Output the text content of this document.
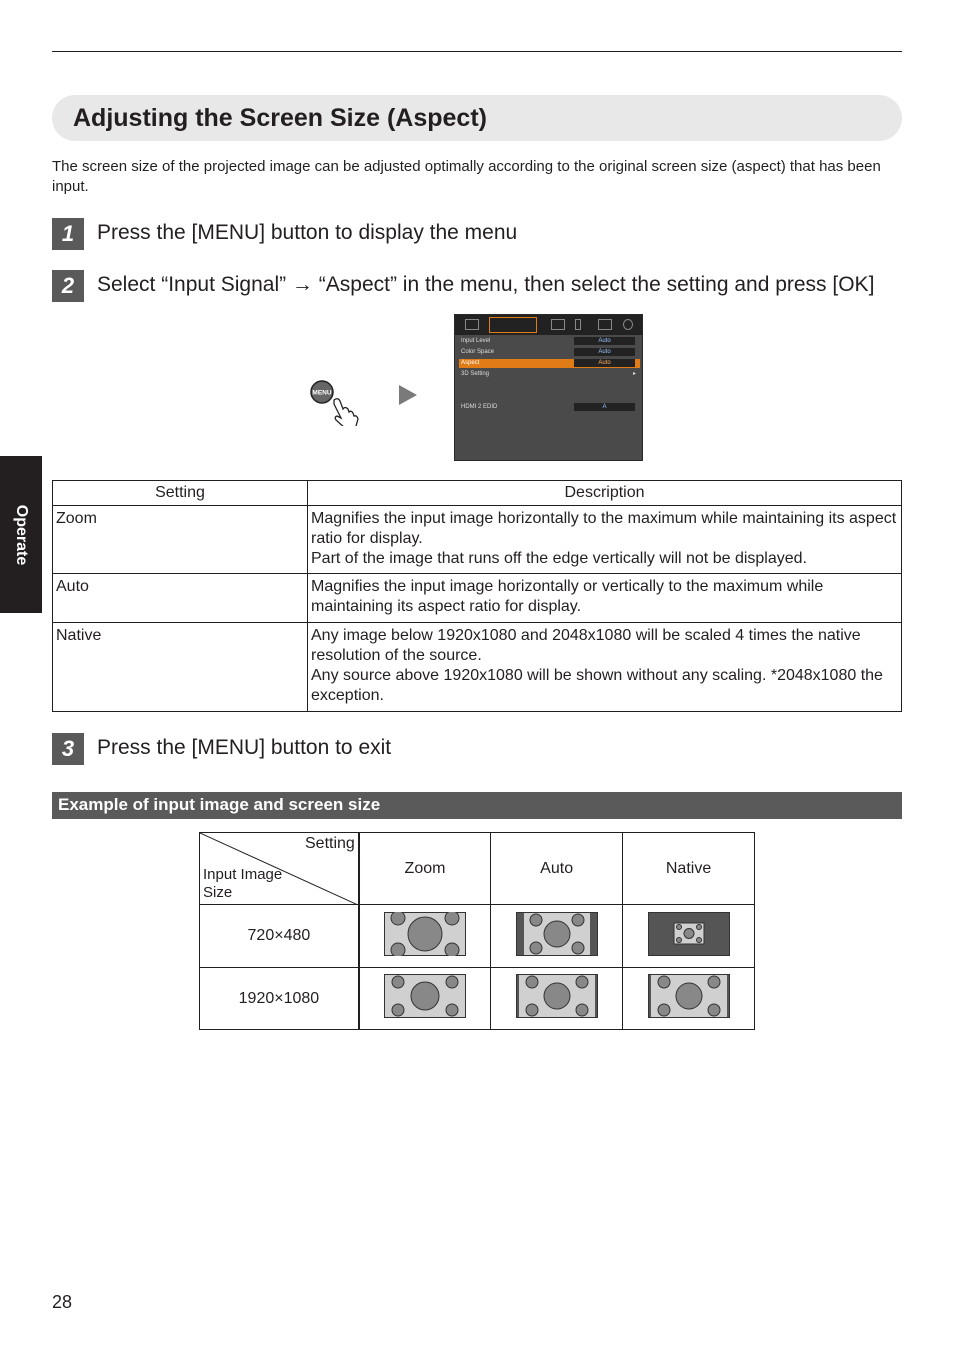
Adjusting the Screen Size (Aspect)
The screen size of the projected image can be adjusted optimally according to the original screen size (aspect) that has been input.
1	Press the [MENU] button to display the menu
2	Select “Input Signal” → “Aspect” in the menu, then select the setting and press [OK]
Operate
MENU
Input Level	Auto
Color Space	Auto
Aspect	Auto
3D Setting	▸
HDMI 2 EDID	A
Setting	Description
Zoom	Magnifies the input image horizontally to the maximum while maintaining its aspect ratio for display.
Part of the image that runs off the edge vertically will not be displayed.

Auto	Magnifies the input image horizontally or vertically to the maximum while maintaining its aspect ratio for display.

Native	Any image below 1920x1080 and 2048x1080 will be scaled 4 times the native resolution of the source.
Any source above 1920x1080 will be shown without any scaling. *2048x1080 the exception.
3	Press the [MENU] button to exit
Example of input image and screen size
Setting
Input Image Size	Zoom	Auto	Native
720×480			
1920×1080			
28
